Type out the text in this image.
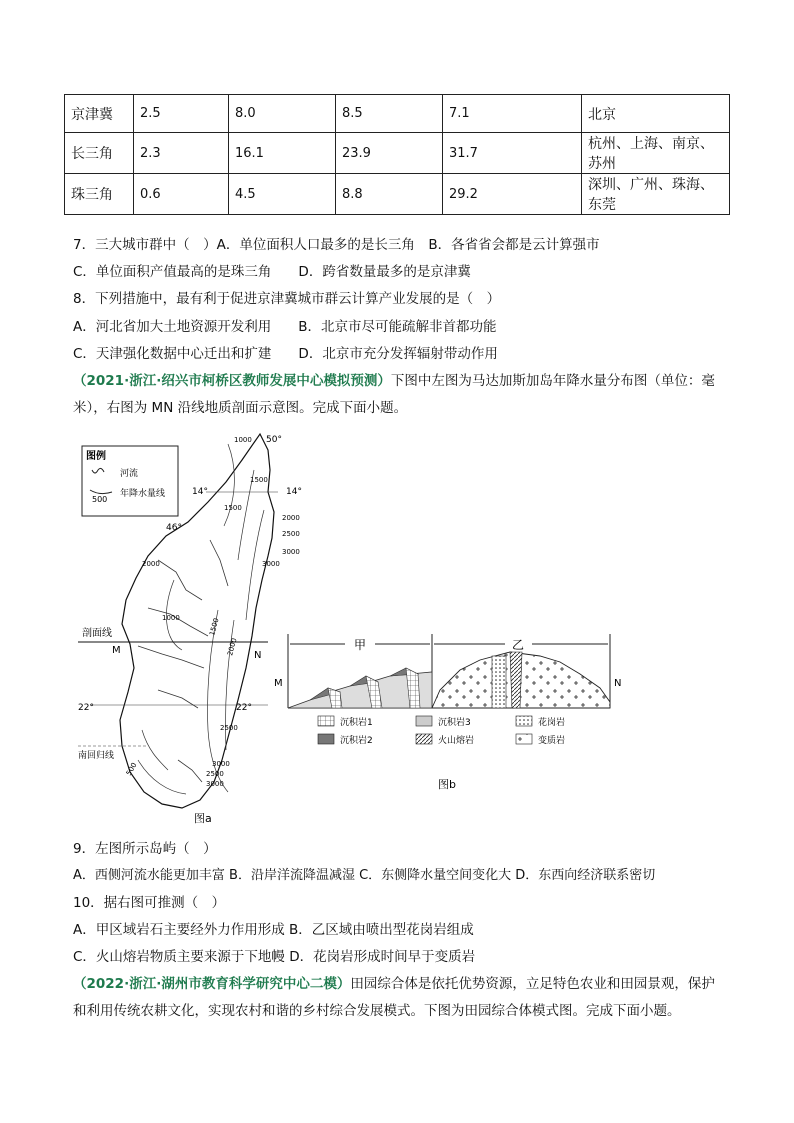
京津冀	2.5	8.0	8.5	7.1	北京
长三角	2.3	16.1	23.9	31.7	杭州、上海、南京、苏州
珠三角	0.6	4.5	8.8	29.2	深圳、广州、珠海、东莞
7．三大城市群中（　）A．单位面积人口最多的是长三角　B．各省省会都是云计算强市
C．单位面积产值最高的是珠三角　　D．跨省数量最多的是京津冀
8．下列措施中，最有利于促进京津冀城市群云计算产业发展的是（　）
A．河北省加大土地资源开发利用　　B．北京市尽可能疏解非首都功能
C．天津强化数据中心迁出和扩建　　D．北京市充分发挥辐射带动作用
（2021·浙江·绍兴市柯桥区教师发展中心模拟预测）下图中左图为马达加斯加岛年降水量分布图（单位：毫
米），右图为 MN 沿线地质剖面示意图。完成下面小题。
图例
河流
500
年降水量线
50°
14°	14°
46°
1000
1500
1500
2000
2500
3000
2000	3000
1000	1500
2000
2500
500	3000
2500
3000
剖面线
M	N
22°	22°
南回归线
图a
甲	乙
M	N
沉积岩1	沉积岩3	花岗岩
沉积岩2	火山熔岩	变质岩
图b
9．左图所示岛屿（　）
A．西侧河流水能更加丰富 B．沿岸洋流降温减湿 C．东侧降水量空间变化大 D．东西向经济联系密切
10．据右图可推测（　）
A．甲区域岩石主要经外力作用形成 B．乙区域由喷出型花岗岩组成
C．火山熔岩物质主要来源于下地幔 D．花岗岩形成时间早于变质岩
（2022·浙江·湖州市教育科学研究中心二模）田园综合体是依托优势资源，立足特色农业和田园景观，保护
和利用传统农耕文化，实现农村和谐的乡村综合发展模式。下图为田园综合体模式图。完成下面小题。
